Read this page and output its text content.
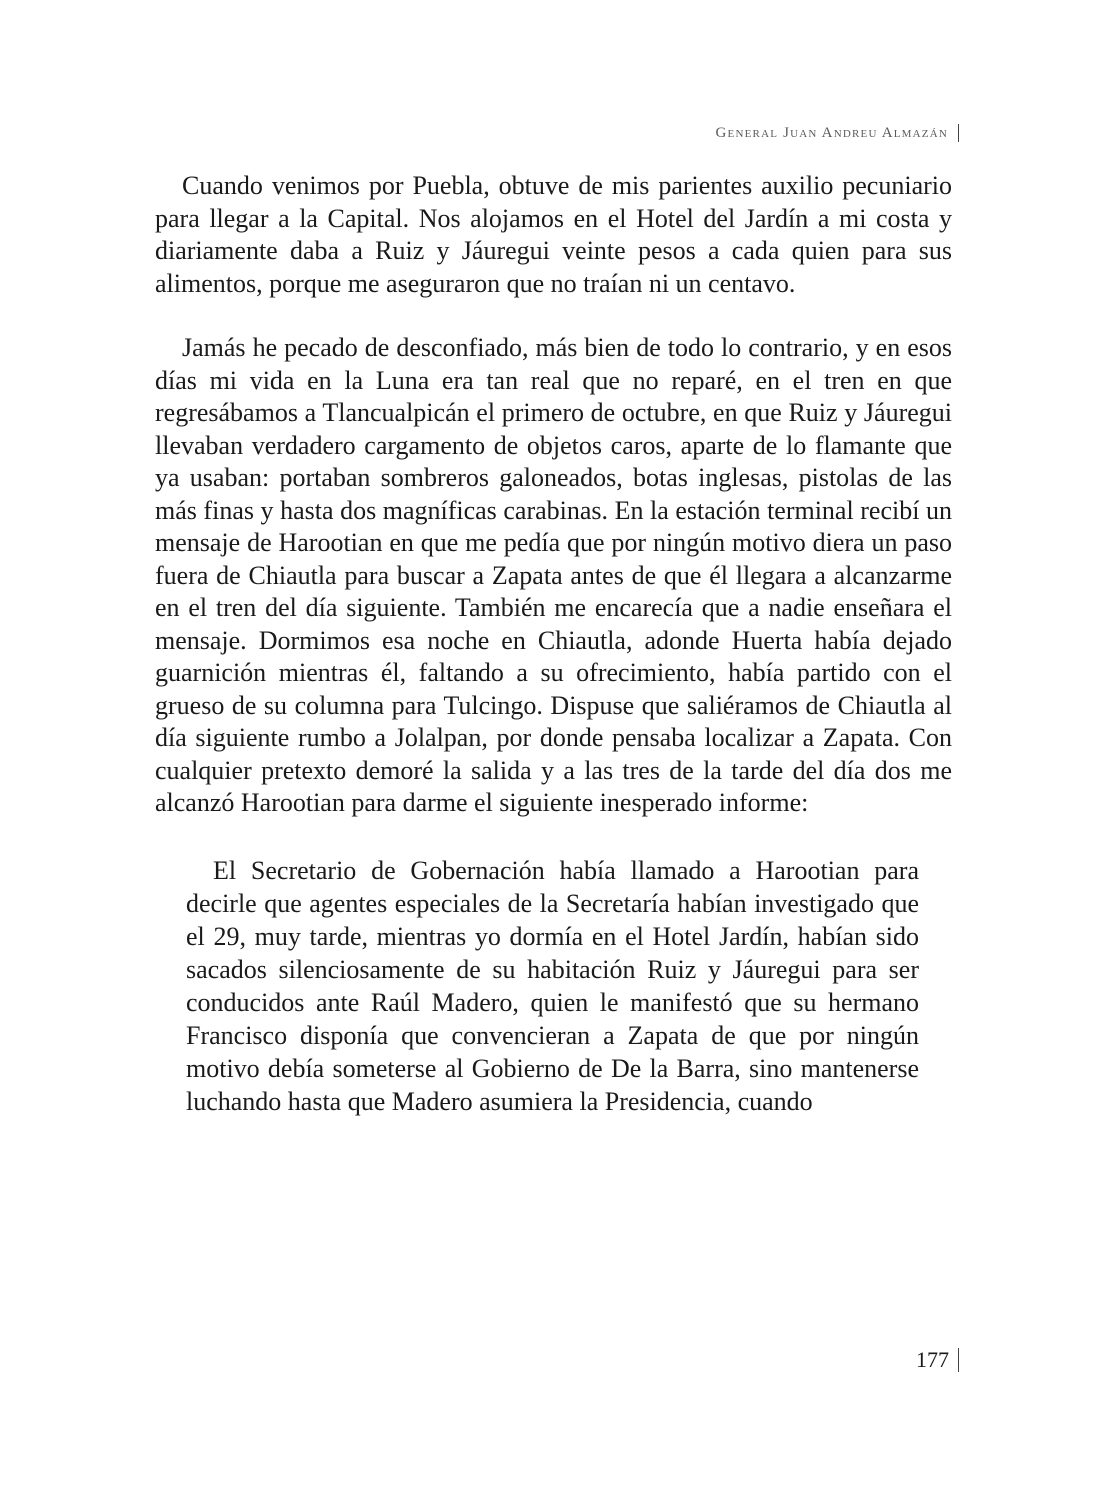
General Juan Andreu Almazán

Cuando venimos por Puebla, obtuve de mis parientes auxilio pecuniario para llegar a la Capital. Nos alojamos en el Hotel del Jardín a mi costa y diariamente daba a Ruiz y Jáuregui veinte pesos a cada quien para sus alimentos, porque me aseguraron que no traían ni un centavo.

Jamás he pecado de desconfiado, más bien de todo lo contrario, y en esos días mi vida en la Luna era tan real que no reparé, en el tren en que regresábamos a Tlancualpicán el primero de octubre, en que Ruiz y Jáuregui llevaban verdadero cargamento de objetos caros, aparte de lo flamante que ya usaban: portaban sombreros galoneados, botas inglesas, pistolas de las más finas y hasta dos magníficas carabinas. En la estación terminal recibí un mensaje de Harootian en que me pedía que por ningún motivo diera un paso fuera de Chiautla para buscar a Zapata antes de que él llegara a alcanzarme en el tren del día siguiente. También me encarecía que a nadie enseñara el mensaje. Dormimos esa noche en Chiautla, adonde Huerta había dejado guarnición mientras él, faltando a su ofrecimiento, había partido con el grueso de su columna para Tulcingo. Dispuse que saliéramos de Chiautla al día siguiente rumbo a Jolalpan, por donde pensaba localizar a Zapata. Con cualquier pretexto demoré la salida y a las tres de la tarde del día dos me alcanzó Harootian para darme el siguiente inesperado informe:

El Secretario de Gobernación había llamado a Harootian para decirle que agentes especiales de la Secretaría habían investigado que el 29, muy tarde, mientras yo dormía en el Hotel Jardín, habían sido sacados silenciosamente de su habitación Ruiz y Jáuregui para ser conducidos ante Raúl Madero, quien le manifestó que su hermano Francisco disponía que convencieran a Zapata de que por ningún motivo debía someterse al Gobierno de De la Barra, sino mantenerse luchando hasta que Madero asumiera la Presidencia, cuando

177
